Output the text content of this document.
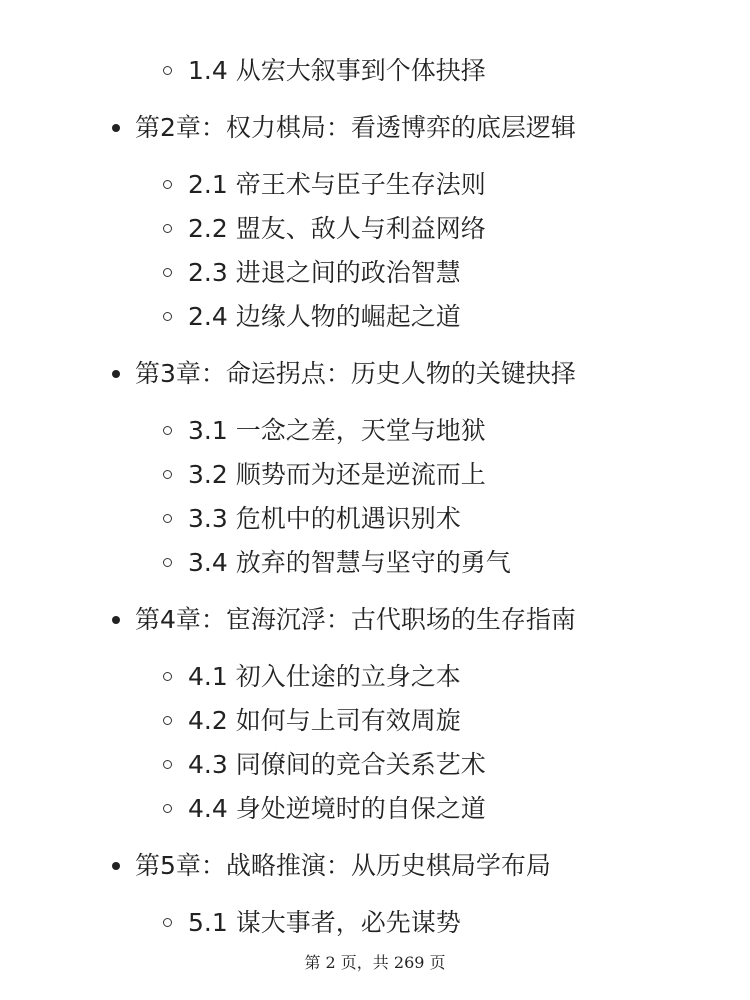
1.4 从宏大叙事到个体抉择
第2章：权力棋局：看透博弈的底层逻辑
2.1 帝王术与臣子生存法则
2.2 盟友、敌人与利益网络
2.3 进退之间的政治智慧
2.4 边缘人物的崛起之道
第3章：命运拐点：历史人物的关键抉择
3.1 一念之差，天堂与地狱
3.2 顺势而为还是逆流而上
3.3 危机中的机遇识别术
3.4 放弃的智慧与坚守的勇气
第4章：宦海沉浮：古代职场的生存指南
4.1 初入仕途的立身之本
4.2 如何与上司有效周旋
4.3 同僚间的竞合关系艺术
4.4 身处逆境时的自保之道
第5章：战略推演：从历史棋局学布局
5.1 谋大事者，必先谋势
第 2 页，共 269 页
